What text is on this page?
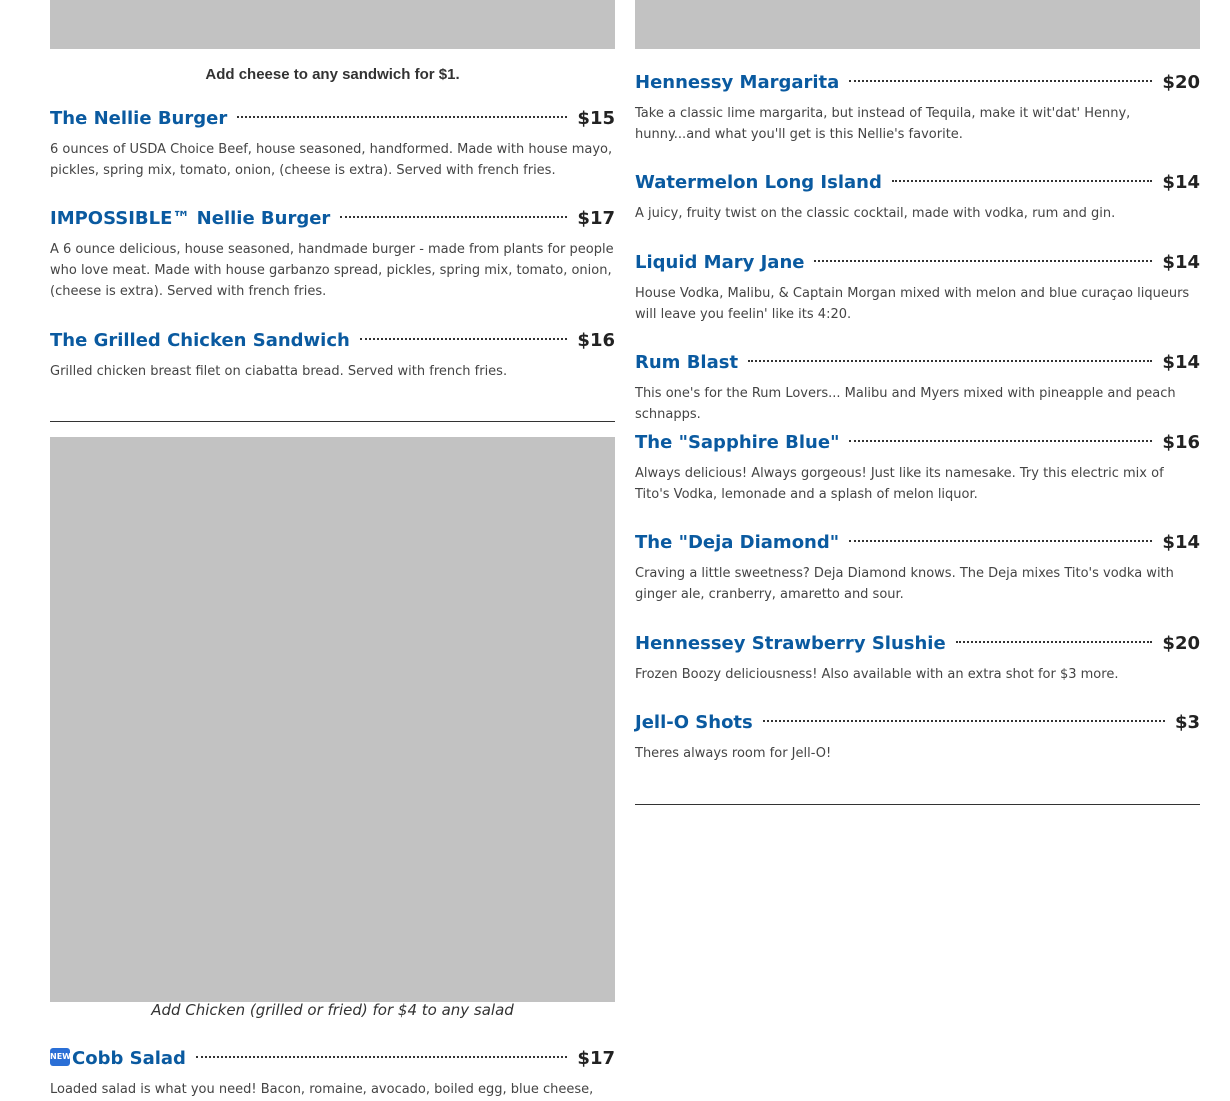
Add cheese to any sandwich for $1.
The Nellie Burger	$15
6 ounces of USDA Choice Beef, house seasoned, handformed. Made with house mayo, pickles, spring mix, tomato, onion, (cheese is extra). Served with french fries.
IMPOSSIBLE™ Nellie Burger	$17
A 6 ounce delicious, house seasoned, handmade burger - made from plants for people who love meat. Made with house garbanzo spread, pickles, spring mix, tomato, onion, (cheese is extra). Served with french fries.
The Grilled Chicken Sandwich	$16
Grilled chicken breast filet on ciabatta bread. Served with french fries.
Add Chicken (grilled or fried) for $4 to any salad
NEWCobb Salad	$17
Loaded salad is what you need! Bacon, romaine, avocado, boiled egg, blue cheese,
Hennessy Margarita	$20
Take a classic lime margarita, but instead of Tequila, make it wit'dat' Henny, hunny...and what you'll get is this Nellie's favorite.
Watermelon Long Island	$14
A juicy, fruity twist on the classic cocktail, made with vodka, rum and gin.
Liquid Mary Jane	$14
House Vodka, Malibu, & Captain Morgan mixed with melon and blue curaçao liqueurs will leave you feelin' like its 4:20.
Rum Blast	$14
This one's for the Rum Lovers... Malibu and Myers mixed with pineapple and peach schnapps.
The "Sapphire Blue"	$16
Always delicious! Always gorgeous! Just like its namesake. Try this electric mix of Tito's Vodka, lemonade and a splash of melon liquor.
The "Deja Diamond"	$14
Craving a little sweetness? Deja Diamond knows. The Deja mixes Tito's vodka with ginger ale, cranberry, amaretto and sour.
Hennessey Strawberry Slushie	$20
Frozen Boozy deliciousness! Also available with an extra shot for $3 more.
Jell-O Shots	$3
Theres always room for Jell-O!
